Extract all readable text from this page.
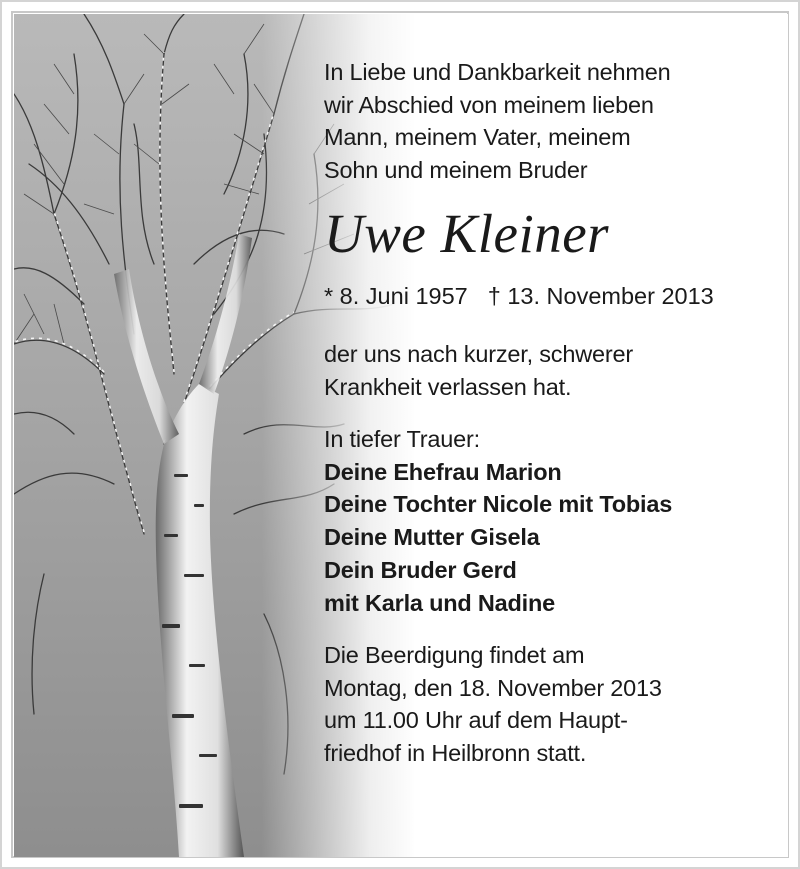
In Liebe und Dankbarkeit nehmen
wir Abschied von meinem lieben
Mann, meinem Vater, meinem
Sohn und meinem Bruder

Uwe Kleiner
* 8. Juni 1957 † 13. November 2013

der uns nach kurzer, schwerer
Krankheit verlassen hat.

In tiefer Trauer:

Deine Ehefrau Marion
Deine Tochter Nicole mit Tobias
Deine Mutter Gisela
Dein Bruder Gerd
mit Karla und Nadine

Die Beerdigung findet am
Montag, den 18. November 2013
um 11.00 Uhr auf dem Haupt-
friedhof in Heilbronn statt.
